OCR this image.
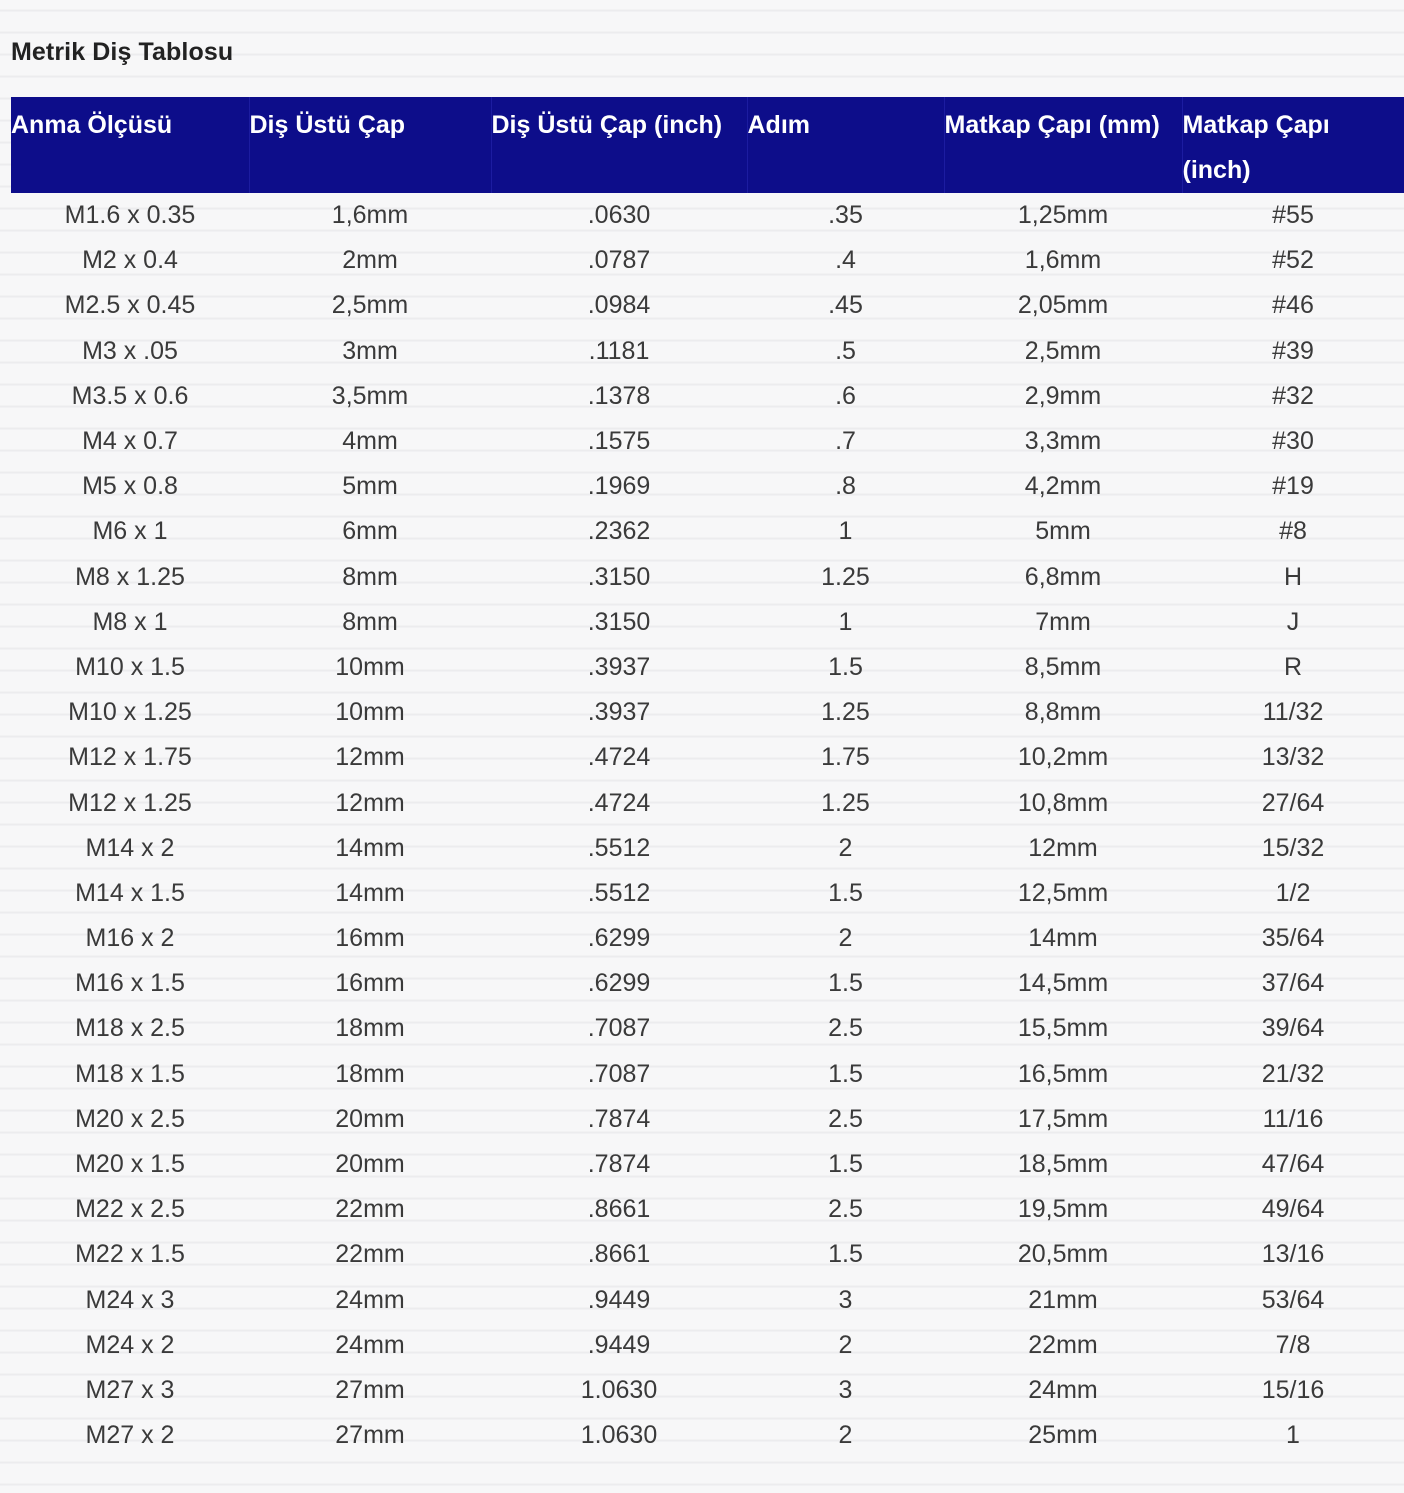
Metrik Diş Tablosu
Anma Ölçüsü	Diş Üstü Çap	Diş Üstü Çap (inch)	Adım	Matkap Çapı (mm)	Matkap Çapı (inch)
M1.6 x 0.35	1,6mm	.0630	.35	1,25mm	#55
M2 x 0.4	2mm	.0787	.4	1,6mm	#52
M2.5 x 0.45	2,5mm	.0984	.45	2,05mm	#46
M3 x .05	3mm	.1181	.5	2,5mm	#39
M3.5 x 0.6	3,5mm	.1378	.6	2,9mm	#32
M4 x 0.7	4mm	.1575	.7	3,3mm	#30
M5 x 0.8	5mm	.1969	.8	4,2mm	#19
M6 x 1	6mm	.2362	1	5mm	#8
M8 x 1.25	8mm	.3150	1.25	6,8mm	H
M8 x 1	8mm	.3150	1	7mm	J
M10 x 1.5	10mm	.3937	1.5	8,5mm	R
M10 x 1.25	10mm	.3937	1.25	8,8mm	11/32
M12 x 1.75	12mm	.4724	1.75	10,2mm	13/32
M12 x 1.25	12mm	.4724	1.25	10,8mm	27/64
M14 x 2	14mm	.5512	2	12mm	15/32
M14 x 1.5	14mm	.5512	1.5	12,5mm	1/2
M16 x 2	16mm	.6299	2	14mm	35/64
M16 x 1.5	16mm	.6299	1.5	14,5mm	37/64
M18 x 2.5	18mm	.7087	2.5	15,5mm	39/64
M18 x 1.5	18mm	.7087	1.5	16,5mm	21/32
M20 x 2.5	20mm	.7874	2.5	17,5mm	11/16
M20 x 1.5	20mm	.7874	1.5	18,5mm	47/64
M22 x 2.5	22mm	.8661	2.5	19,5mm	49/64
M22 x 1.5	22mm	.8661	1.5	20,5mm	13/16
M24 x 3	24mm	.9449	3	21mm	53/64
M24 x 2	24mm	.9449	2	22mm	7/8
M27 x 3	27mm	1.0630	3	24mm	15/16
M27 x 2	27mm	1.0630	2	25mm	1
